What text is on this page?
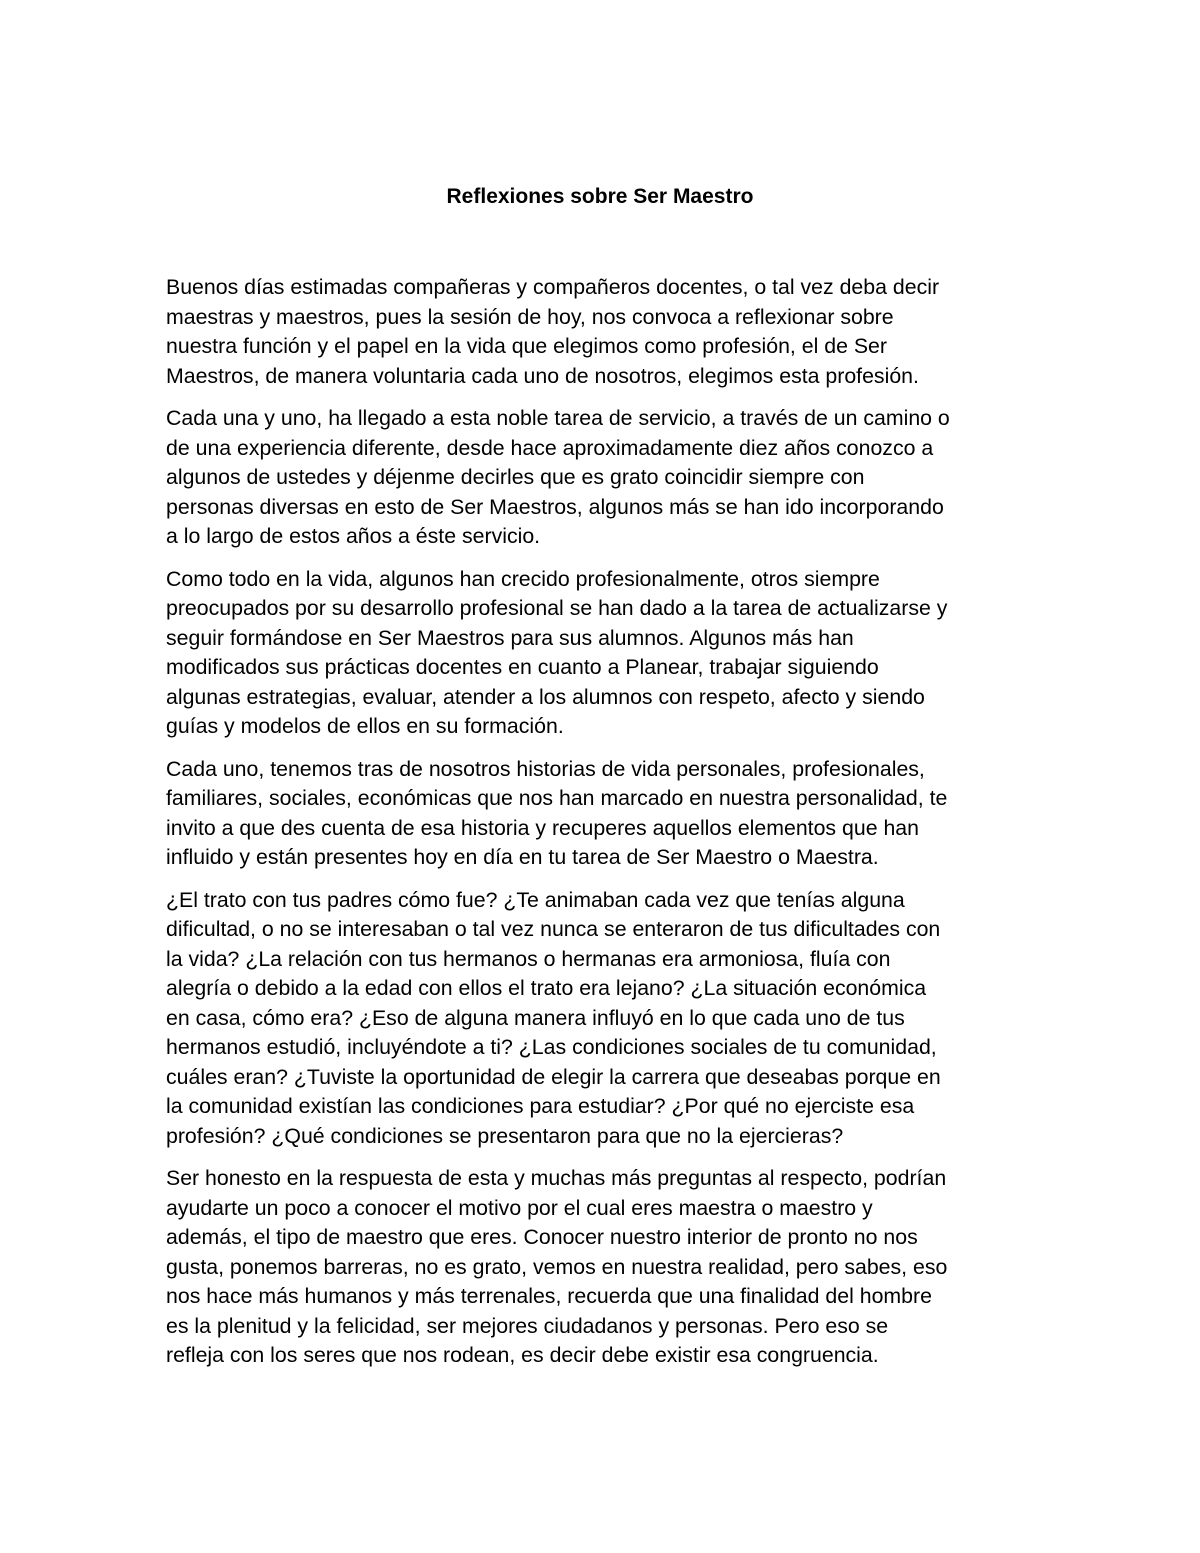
Reflexiones sobre Ser Maestro

Buenos días estimadas compañeras y compañeros docentes, o tal vez deba decir
maestras y maestros, pues la sesión de hoy, nos convoca a reflexionar sobre
nuestra función y el papel en la vida que elegimos como profesión, el de Ser
Maestros, de manera voluntaria cada uno de nosotros, elegimos esta profesión.

Cada una y uno, ha llegado a esta noble tarea de servicio, a través de un camino o
de una experiencia diferente, desde hace aproximadamente diez años conozco a
algunos de ustedes y déjenme decirles que es grato coincidir siempre con
personas diversas en esto de Ser Maestros, algunos más se han ido incorporando
a lo largo de estos años a éste servicio.

Como todo en la vida, algunos han crecido profesionalmente, otros siempre
preocupados por su desarrollo profesional se han dado a la tarea de actualizarse y
seguir formándose en Ser Maestros para sus alumnos. Algunos más han
modificados sus prácticas docentes en cuanto a Planear, trabajar siguiendo
algunas estrategias, evaluar, atender a los alumnos con respeto, afecto y siendo
guías y modelos de ellos en su formación.

Cada uno, tenemos tras de nosotros historias de vida personales, profesionales,
familiares, sociales, económicas que nos han marcado en nuestra personalidad, te
invito a que des cuenta de esa historia y recuperes aquellos elementos que han
influido y están presentes hoy en día en tu tarea de Ser Maestro o Maestra.

¿El trato con tus padres cómo fue? ¿Te animaban cada vez que tenías alguna
dificultad, o no se interesaban o tal vez nunca se enteraron de tus dificultades con
la vida? ¿La relación con tus hermanos o hermanas era armoniosa, fluía con
alegría o debido a la edad con ellos el trato era lejano? ¿La situación económica
en casa, cómo era? ¿Eso de alguna manera influyó en lo que cada uno de tus
hermanos estudió, incluyéndote a ti? ¿Las condiciones sociales de tu comunidad,
cuáles eran? ¿Tuviste la oportunidad de elegir la carrera que deseabas porque en
la comunidad existían las condiciones para estudiar? ¿Por qué no ejerciste esa
profesión? ¿Qué condiciones se presentaron para que no la ejercieras?

Ser honesto en la respuesta de esta y muchas más preguntas al respecto, podrían
ayudarte un poco a conocer el motivo por el cual eres maestra o maestro y
además, el tipo de maestro que eres. Conocer nuestro interior de pronto no nos
gusta, ponemos barreras, no es grato, vemos en nuestra realidad, pero sabes, eso
nos hace más humanos y más terrenales, recuerda que una finalidad del hombre
es la plenitud y la felicidad, ser mejores ciudadanos y personas. Pero eso se
refleja con los seres que nos rodean, es decir debe existir esa congruencia.
